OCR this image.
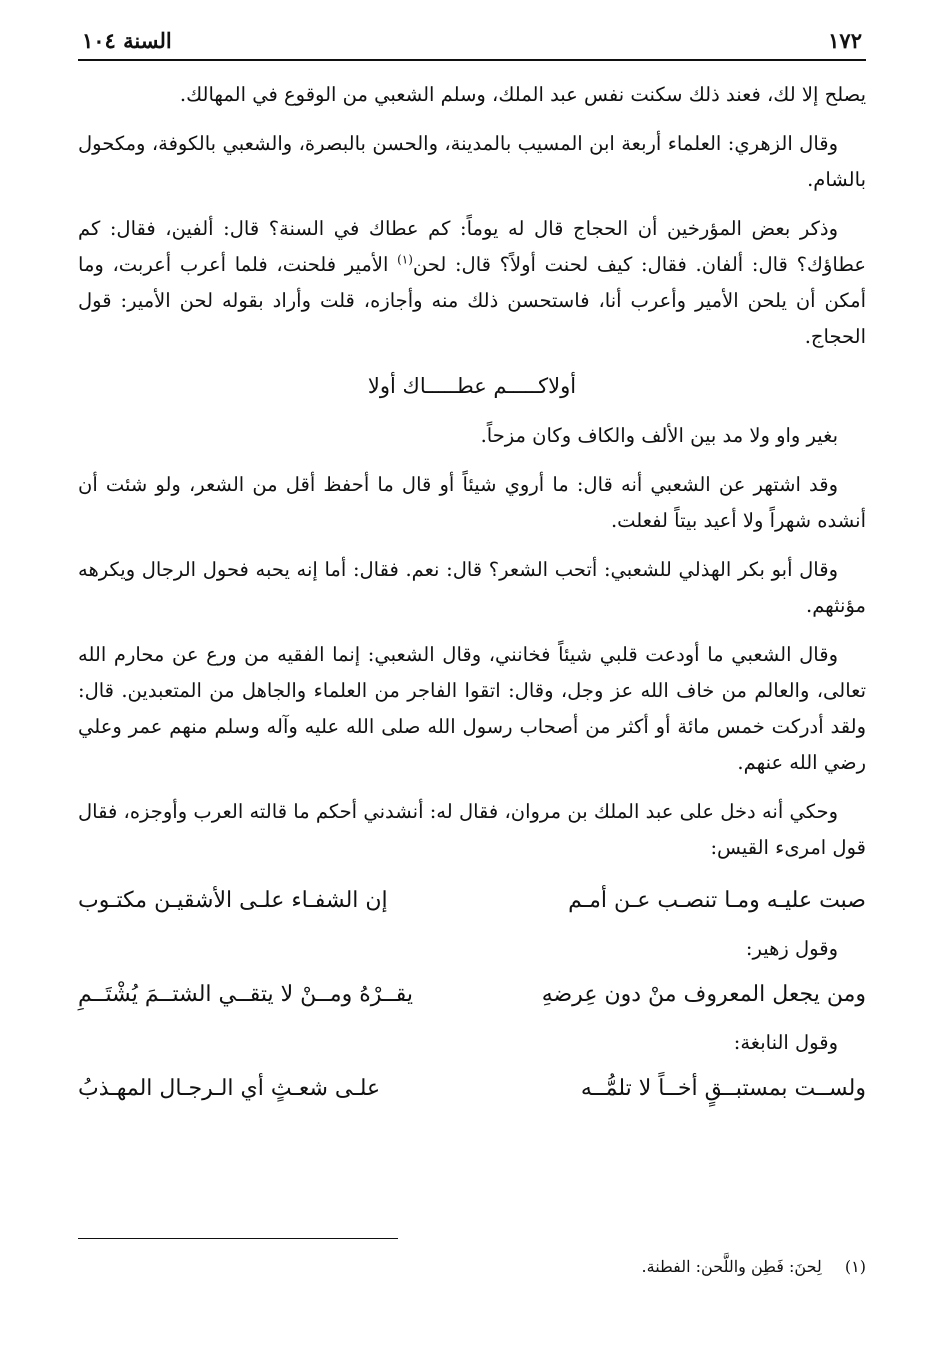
١٧٢
السنة ١٠٤

يصلح إلا لك، فعند ذلك سكنت نفس عبد الملك، وسلم الشعبي من الوقوع في المهالك.

وقال الزهري: العلماء أربعة ابن المسيب بالمدينة، والحسن بالبصرة، والشعبي بالكوفة، ومكحول بالشام.

وذكر بعض المؤرخين أن الحجاج قال له يوماً: كم عطاك في السنة؟ قال: ألفين، فقال: كم عطاؤك؟ قال: ألفان. فقال: كيف لحنت أولاً؟ قال: لحن$^{(١)}$ الأمير فلحنت، فلما أعرب أعربت، وما أمكن أن يلحن الأمير وأعرب أنا، فاستحسن ذلك منه وأجازه، قلت وأراد بقوله لحن الأمير: قول الحجاج.

أولاكـــــم عطـــــاك أولا

بغير واو ولا مد بين الألف والكاف وكان مزحاً.

وقد اشتهر عن الشعبي أنه قال: ما أروي شيئاً أو قال ما أحفظ أقل من الشعر، ولو شئت أن أنشده شهراً ولا أعيد بيتاً لفعلت.

وقال أبو بكر الهذلي للشعبي: أتحب الشعر؟ قال: نعم. فقال: أما إنه يحبه فحول الرجال ويكرهه مؤنثهم.

وقال الشعبي ما أودعت قلبي شيئاً فخانني، وقال الشعبي: إنما الفقيه من ورع عن محارم الله تعالى، والعالم من خاف الله عز وجل، وقال: اتقوا الفاجر من العلماء والجاهل من المتعبدين. قال: ولقد أدركت خمس مائة أو أكثر من أصحاب رسول الله صلى الله عليه وآله وسلم منهم عمر وعلي رضي الله عنهم.

وحكي أنه دخل على عبد الملك بن مروان، فقال له: أنشدني أحكم ما قالته العرب وأوجزه، فقال قول امرىء القيس:

صبت عليـه ومـا تنصـب عـن أمـم
إن الشفـاء علـى الأشقيـن مكتـوب

وقول زهير:

ومن يجعل المعروف منْ دون عِرضهِ
يقــرْهُ ومــنْ لا يتقــي الشتــمَ يُشْتَــمِ

وقول النابغة:

ولســت بمستبــقٍ أخــاً لا تلمُّــه
علـى شعـثٍ أي الـرجـال المهـذبُ
(١) لِحنَ: فَطِن واللَّحن: الفطنة.
